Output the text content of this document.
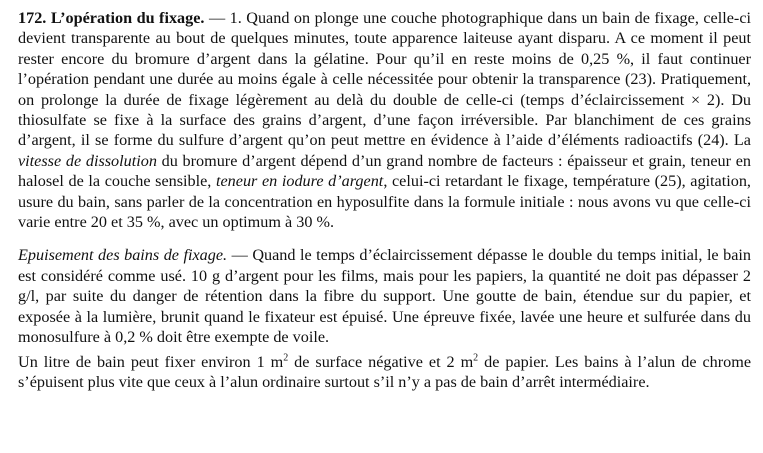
172. L’opération du fixage. — 1. Quand on plonge une couche photographique dans un bain de fixage, celle-ci devient transparente au bout de quelques minutes, toute apparence laiteuse ayant disparu. A ce moment il peut rester encore du bromure d’argent dans la gélatine. Pour qu’il en reste moins de 0,25 %, il faut continuer l’opération pendant une durée au moins égale à celle nécessitée pour obtenir la transparence (23). Pratiquement, on prolonge la durée de fixage légèrement au delà du double de celle-ci (temps d’éclaircissement × 2). Du thiosulfate se fixe à la surface des grains d’argent, d’une façon irréversible. Par blanchiment de ces grains d’argent, il se forme du sulfure d’argent qu’on peut mettre en évidence à l’aide d’éléments radioactifs (24). La vitesse de dissolution du bromure d’argent dépend d’un grand nombre de facteurs : épaisseur et grain, teneur en halosel de la couche sensible, teneur en iodure d’argent, celui-ci retardant le fixage, température (25), agitation, usure du bain, sans parler de la concentration en hyposulfite dans la formule initiale : nous avons vu que celle-ci varie entre 20 et 35 %, avec un optimum à 30 %.

Epuisement des bains de fixage. — Quand le temps d’éclaircissement dépasse le double du temps initial, le bain est considéré comme usé. 10 g d’argent pour les films, mais pour les papiers, la quantité ne doit pas dépasser 2 g/l, par suite du danger de rétention dans la fibre du support. Une goutte de bain, étendue sur du papier, et exposée à la lumière, brunit quand le fixateur est épuisé. Une épreuve fixée, lavée une heure et sulfurée dans du monosulfure à 0,2 % doit être exempte de voile.

Un litre de bain peut fixer environ 1 $m^2$ de surface négative et 2 $m^2$ de papier. Les bains à l’alun de chrome s’épuisent plus vite que ceux à l’alun ordinaire surtout s’il n’y a pas de bain d’arrêt intermédiaire.
